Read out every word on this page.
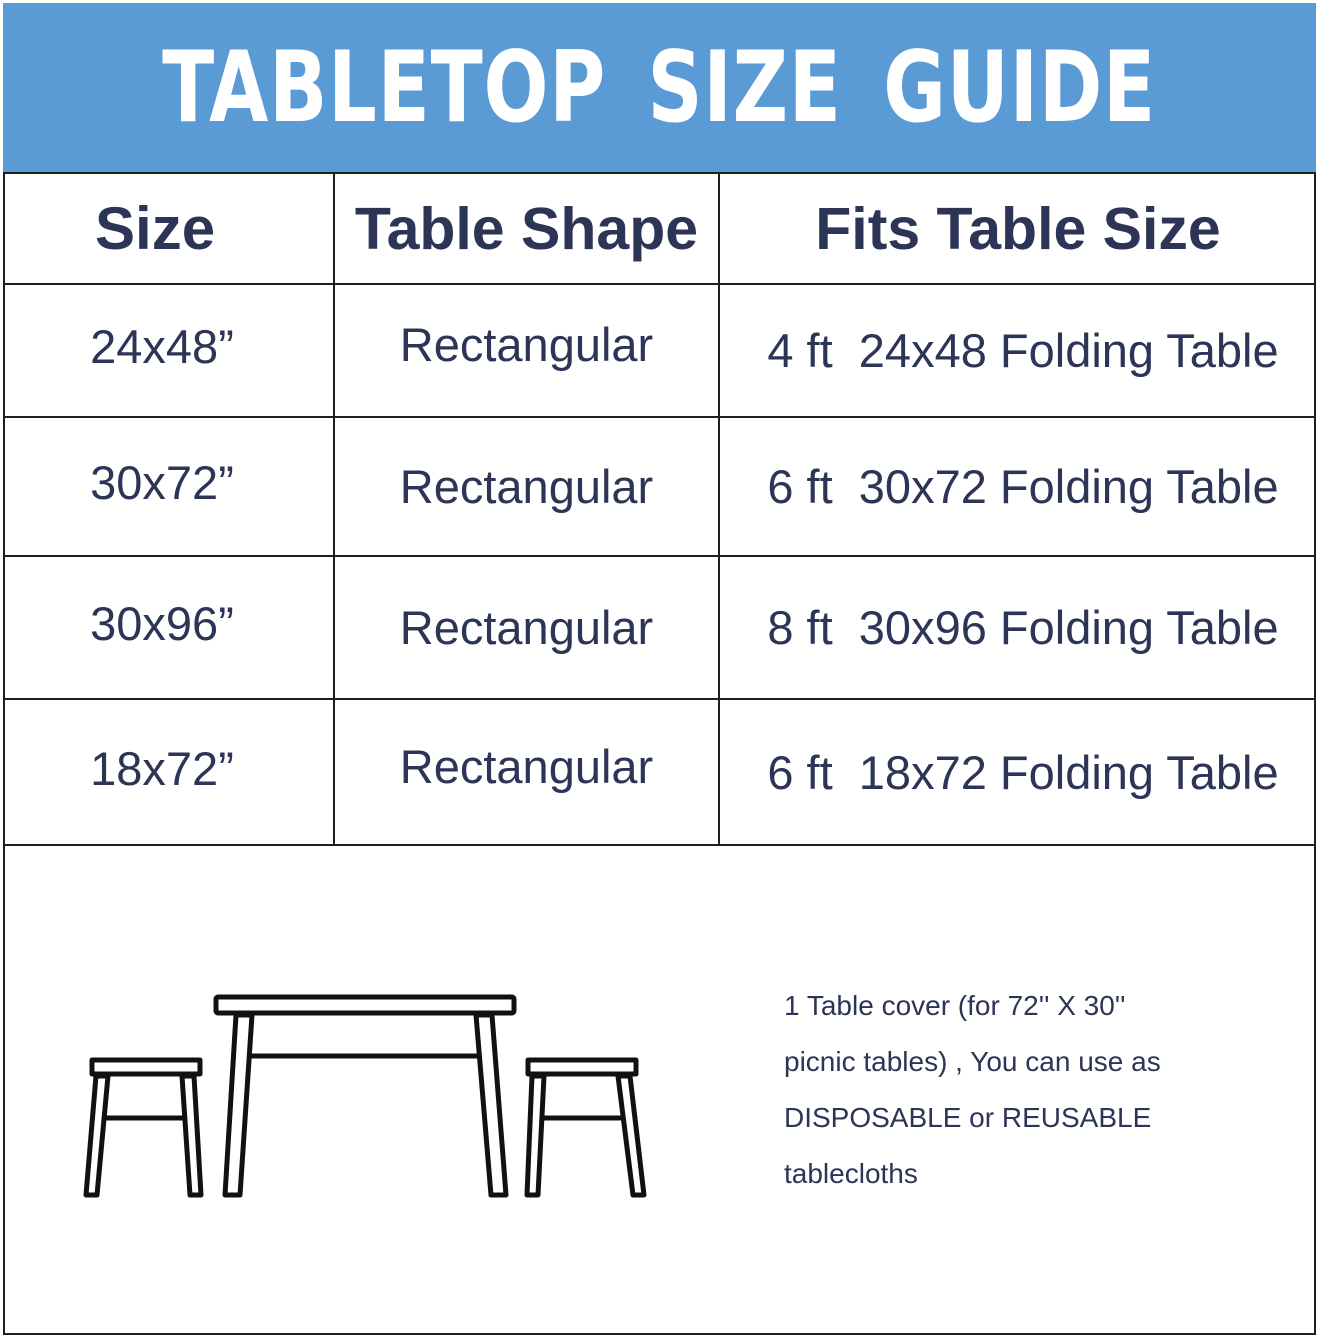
TABLETOP SIZE GUIDE
Size	Table Shape	Fits Table Size
24x48”	Rectangular	4 ft  24x48 Folding Table
30x72”	Rectangular	6 ft  30x72 Folding Table
30x96”	Rectangular	8 ft  30x96 Folding Table
18x72”	Rectangular	6 ft  18x72 Folding Table
1 Table cover (for 72'' X 30''
picnic tables) , You can use as
DISPOSABLE or REUSABLE
tablecloths
